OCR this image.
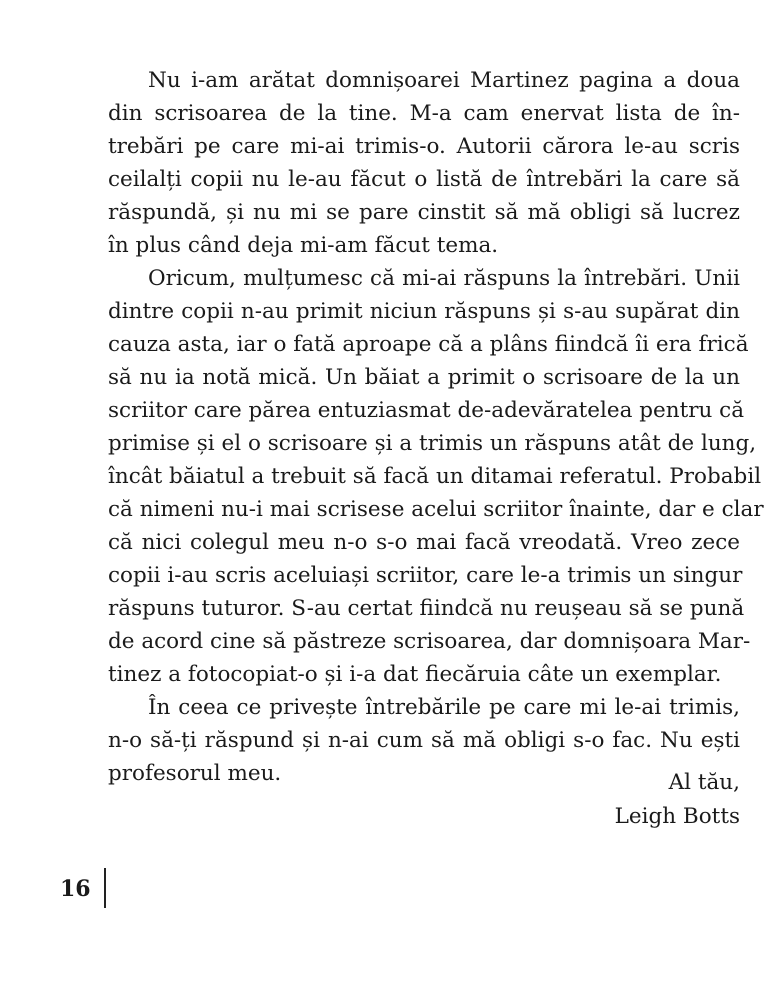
Nu i-am arătat domnișoarei Martinez pagina a doua
din scrisoarea de la tine. M-a cam enervat lista de în-
trebări pe care mi-ai trimis-o. Autorii cărora le-au scris
ceilalți copii nu le-au făcut o listă de întrebări la care să
răspundă, și nu mi se pare cinstit să mă obligi să lucrez
în plus când deja mi-am făcut tema.
Oricum, mulțumesc că mi-ai răspuns la întrebări. Unii
dintre copii n-au primit niciun răspuns și s-au supărat din
cauza asta, iar o fată aproape că a plâns fiindcă îi era frică
să nu ia notă mică. Un băiat a primit o scrisoare de la un
scriitor care părea entuziasmat de-adevăratelea pentru că
primise și el o scrisoare și a trimis un răspuns atât de lung,
încât băiatul a trebuit să facă un ditamai referatul. Probabil
că nimeni nu-i mai scrisese acelui scriitor înainte, dar e clar
că nici colegul meu n-o s-o mai facă vreodată. Vreo zece
copii i-au scris aceluiași scriitor, care le-a trimis un singur
răspuns tuturor. S-au certat fiindcă nu reușeau să se pună
de acord cine să păstreze scrisoarea, dar domnișoara Mar-
tinez a fotocopiat-o și i-a dat fiecăruia câte un exemplar.
În ceea ce privește întrebările pe care mi le-ai trimis,
n-o să-ți răspund și n-ai cum să mă obligi s-o fac. Nu ești
profesorul meu.	Al tău,
Leigh Botts
16
